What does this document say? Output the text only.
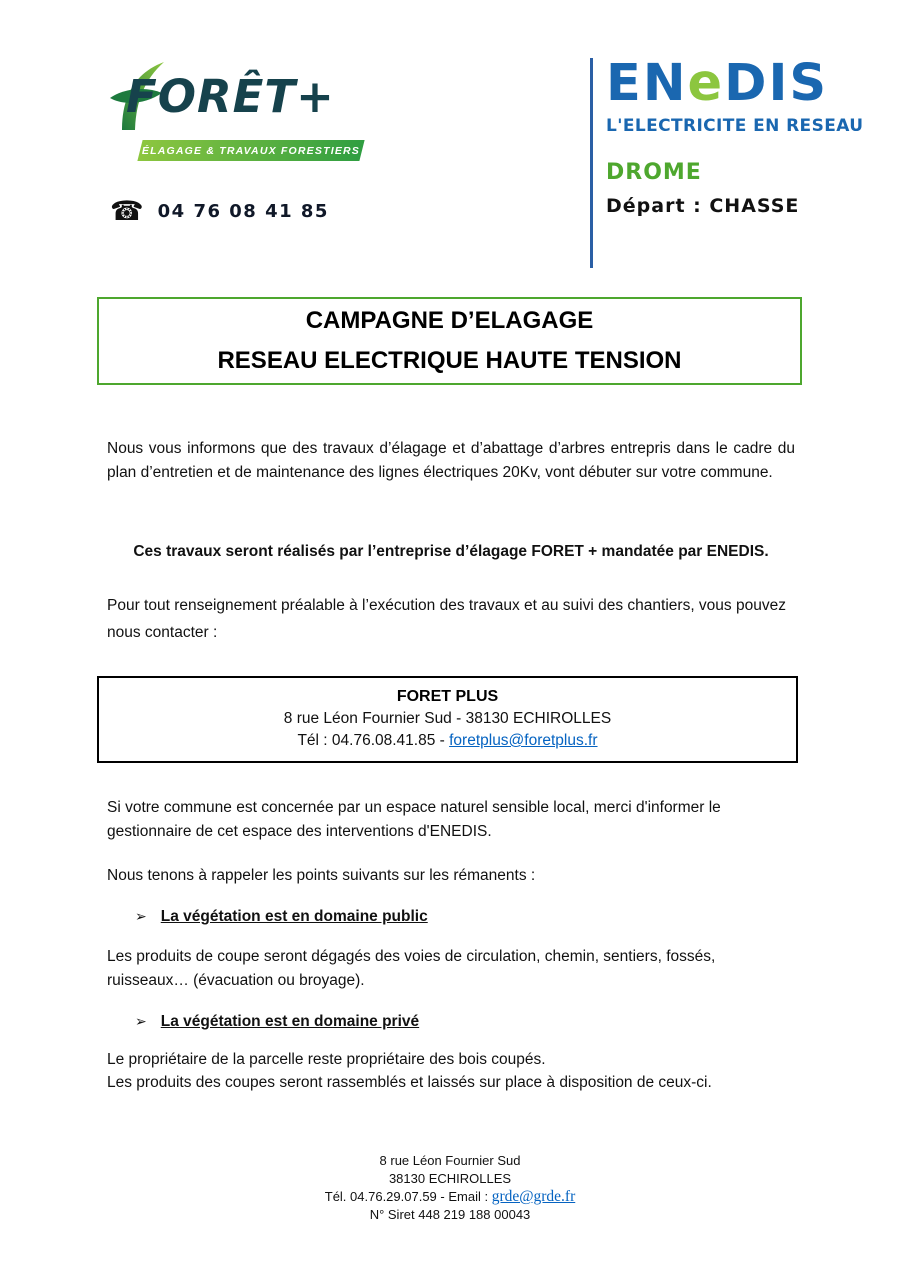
FORÊT+
ÉLAGAGE & TRAVAUX FORESTIERS
☎ 04 76 08 41 85
ENeDIS
L'ELECTRICITE EN RESEAU
DROME
Départ : CHASSE
CAMPAGNE D’ELAGAGE
RESEAU ELECTRIQUE HAUTE TENSION
Nous vous informons que des travaux d’élagage et d’abattage d’arbres entrepris dans le cadre du plan d’entretien et de maintenance des lignes électriques 20Kv, vont débuter sur votre commune.
Ces travaux seront réalisés par l’entreprise d’élagage FORET + mandatée par ENEDIS.
Pour tout renseignement préalable à l’exécution des travaux et au suivi des chantiers, vous pouvez nous contacter :
FORET PLUS
8 rue Léon Fournier Sud - 38130 ECHIROLLES
Tél : 04.76.08.41.85 - foretplus@foretplus.fr
Si votre commune est concernée par un espace naturel sensible local, merci d'informer le gestionnaire de cet espace des interventions d'ENEDIS.
Nous tenons à rappeler les points suivants sur les rémanents :
➢ La végétation est en domaine public
Les produits de coupe seront dégagés des voies de circulation, chemin, sentiers, fossés, ruisseaux… (évacuation ou broyage).
➢ La végétation est en domaine privé
Le propriétaire de la parcelle reste propriétaire des bois coupés.
Les produits des coupes seront rassemblés et laissés sur place à disposition de ceux-ci.
8 rue Léon Fournier Sud
38130 ECHIROLLES
Tél. 04.76.29.07.59 - Email : grde@grde.fr
N° Siret 448 219 188 00043
